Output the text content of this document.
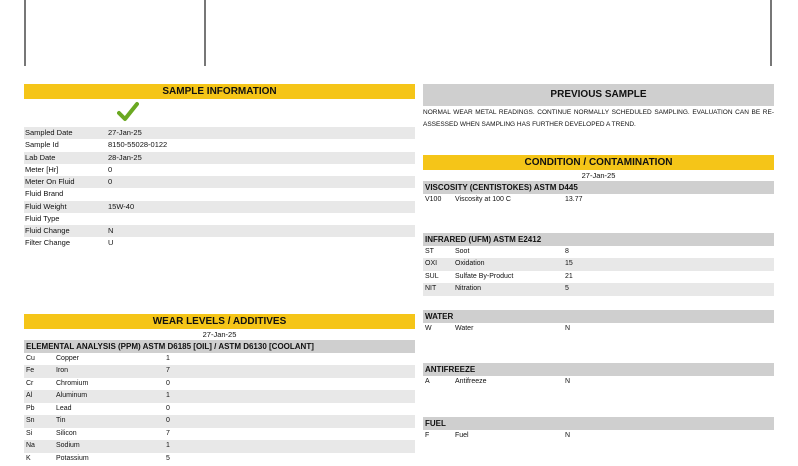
SAMPLE INFORMATION
Sampled Date	27-Jan-25
Sample Id	8150-55028-0122
Lab Date	28-Jan-25
Meter [Hr]	0
Meter On Fluid	0
Fluid Brand
Fluid Weight	15W-40
Fluid Type
Fluid Change	N
Filter Change	U
WEAR LEVELS / ADDITIVES
27-Jan-25
ELEMENTAL ANALYSIS (PPM) ASTM D6185 [OIL] / ASTM D6130 [COOLANT]
Cu	Copper	1
Fe	Iron	7
Cr	Chromium	0
Al	Aluminum	1
Pb	Lead	0
Sn	Tin	0
Si	Silicon	7
Na	Sodium	1
K	Potassium	5
PREVIOUS SAMPLE
NORMAL WEAR METAL READINGS. CONTINUE NORMALLY SCHEDULED SAMPLING. EVALUATION CAN BE RE-ASSESSED WHEN SAMPLING HAS FURTHER DEVELOPED A TREND.
CONDITION / CONTAMINATION
27-Jan-25
VISCOSITY (CENTISTOKES) ASTM D445
V100	Viscosity at 100 C	13.77
INFRARED (UFM) ASTM E2412
ST	Soot	8
OXI	Oxidation	15
SUL	Sulfate By-Product	21
NIT	Nitration	5
WATER
W	Water	N
ANTIFREEZE
A	Antifreeze	N
FUEL
F	Fuel	N
